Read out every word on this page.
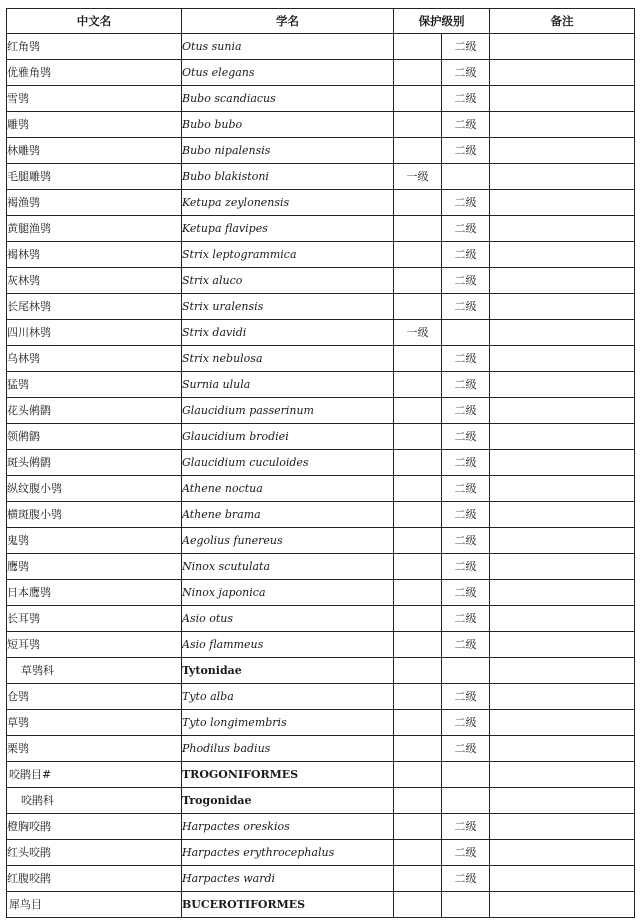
中文名	学名	保护级别		备注
红角鸮	Otus sunia		二级	
优雅角鸮	Otus elegans		二级	
雪鸮	Bubo scandiacus		二级	
雕鸮	Bubo bubo		二级	
林雕鸮	Bubo nipalensis		二级	
毛腿雕鸮	Bubo blakistoni	一级		
褐渔鸮	Ketupa zeylonensis		二级	
黄腿渔鸮	Ketupa flavipes		二级	
褐林鸮	Strix leptogrammica		二级	
灰林鸮	Strix aluco		二级	
长尾林鸮	Strix uralensis		二级	
四川林鸮	Strix davidi	一级		
乌林鸮	Strix nebulosa		二级	
猛鸮	Surnia ulula		二级	
花头鸺鹠	Glaucidium passerinum		二级	
领鸺鹠	Glaucidium brodiei		二级	
斑头鸺鹠	Glaucidium cuculoides		二级	
纵纹腹小鸮	Athene noctua		二级	
横斑腹小鸮	Athene brama		二级	
鬼鸮	Aegolius funereus		二级	
鹰鸮	Ninox scutulata		二级	
日本鹰鸮	Ninox japonica		二级	
长耳鸮	Asio otus		二级	
短耳鸮	Asio flammeus		二级	
草鸮科	Tytonidae			
仓鸮	Tyto alba		二级	
草鸮	Tyto longimembris		二级	
栗鸮	Phodilus badius		二级	
咬鹃目#	TROGONIFORMES			
咬鹃科	Trogonidae			
橙胸咬鹃	Harpactes oreskios		二级	
红头咬鹃	Harpactes erythrocephalus		二级	
红腹咬鹃	Harpactes wardi		二级	
犀鸟目	BUCEROTIFORMES			
